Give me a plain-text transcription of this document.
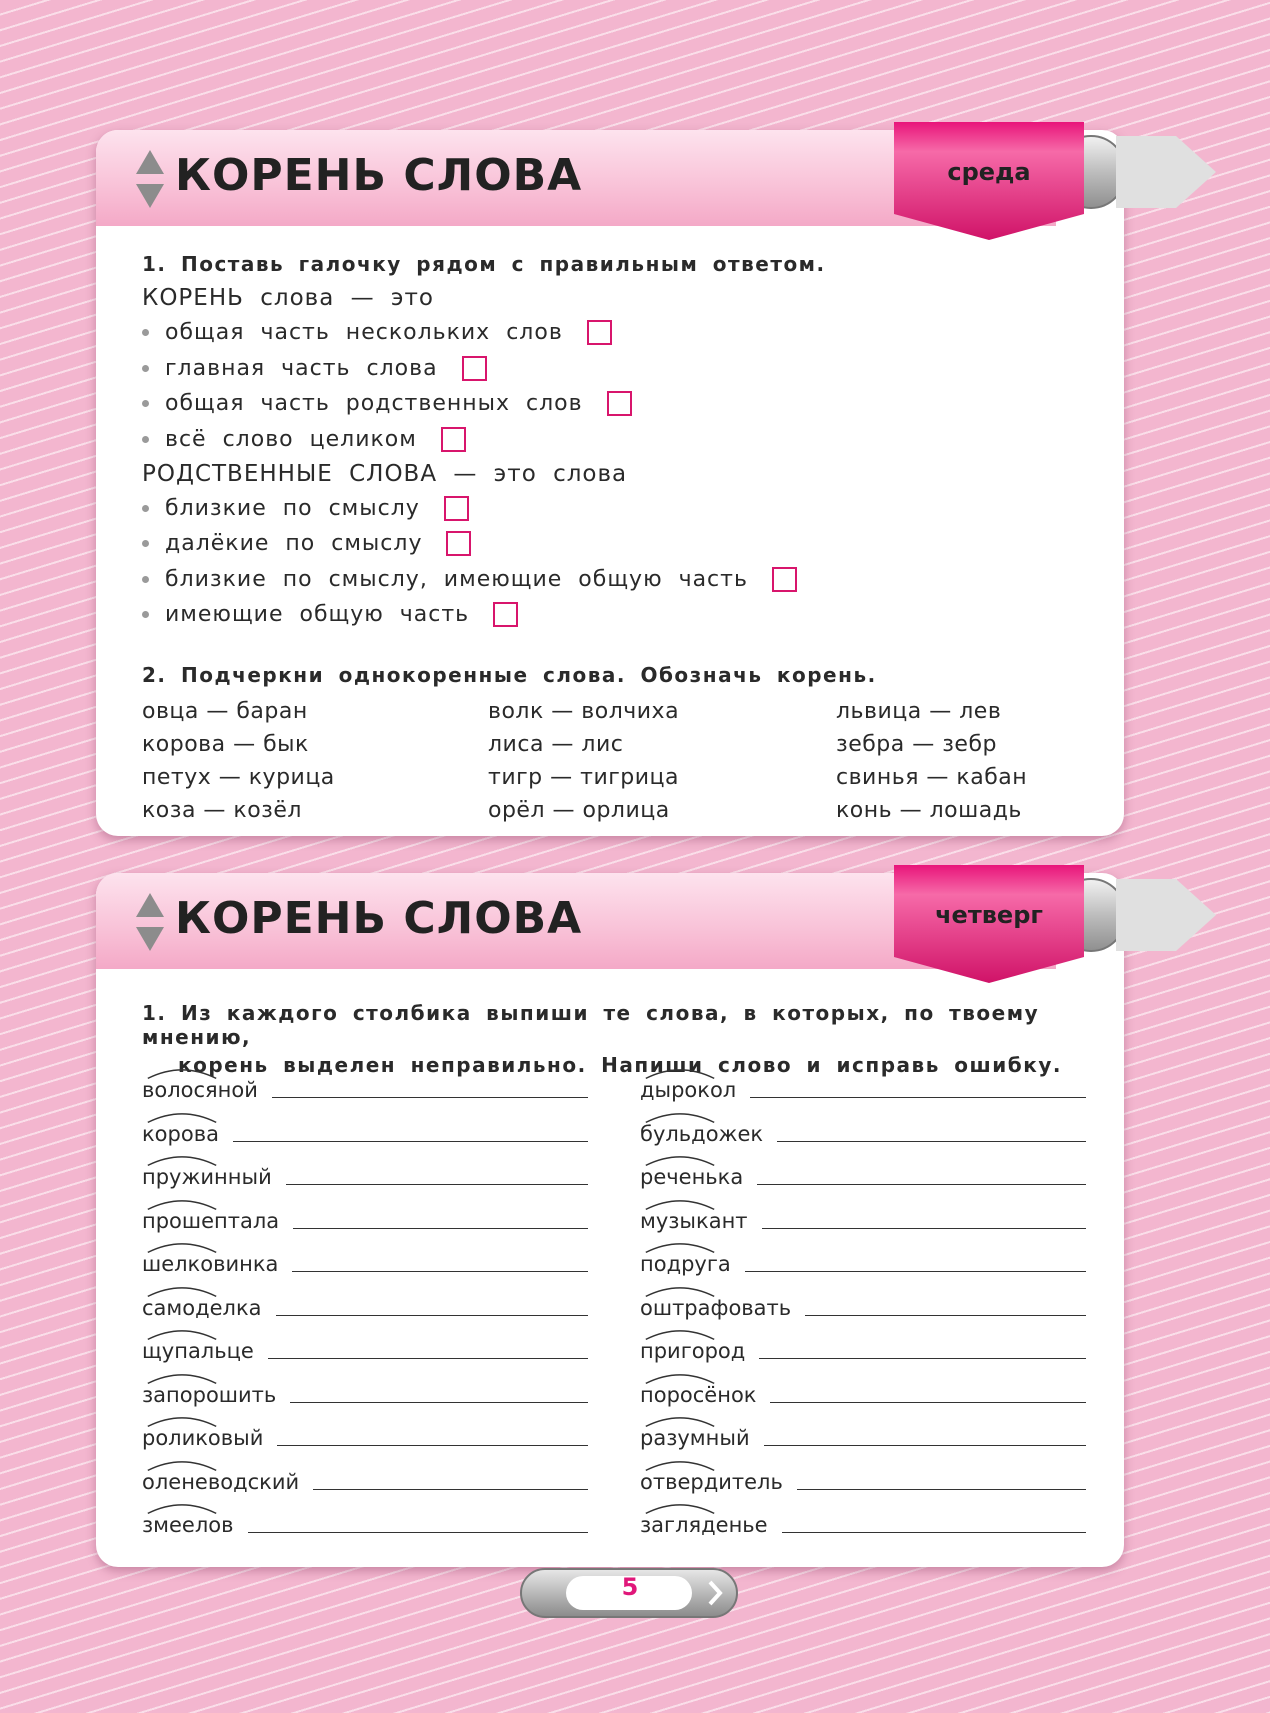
КОРЕНЬ СЛОВА	среда
1. Поставь галочку рядом с правильным ответом.
КОРЕНЬ слова — это
общая часть нескольких слов
главная часть слова
общая часть родственных слов
всё слово целиком
РОДСТВЕННЫЕ СЛОВА — это слова
близкие по смыслу
далёкие по смыслу
близкие по смыслу, имеющие общую часть
имеющие общую часть
2. Подчеркни однокоренные слова. Обозначь корень.
овца — баран
корова — бык
петух — курица
коза — козёл
волк — волчиха
лиса — лис
тигр — тигрица
орёл — орлица
львица — лев
зебра — зебр
свинья — кабан
конь — лошадь
КОРЕНЬ СЛОВА	четверг
1. Из каждого столбика выпиши те слова, в которых, по твоему мнению,
корень выделен неправильно. Напиши слово и исправь ошибку.
волосяной
корова
пружинный
прошептала
шелковинка
самоделка
щупальце
запорошить
роликовый
оленеводский
змеелов
дырокол
бульдожек
реченька
музыкант
подруга
оштрафовать
пригород
поросёнок
разумный
отвердитель
загляденье
5
